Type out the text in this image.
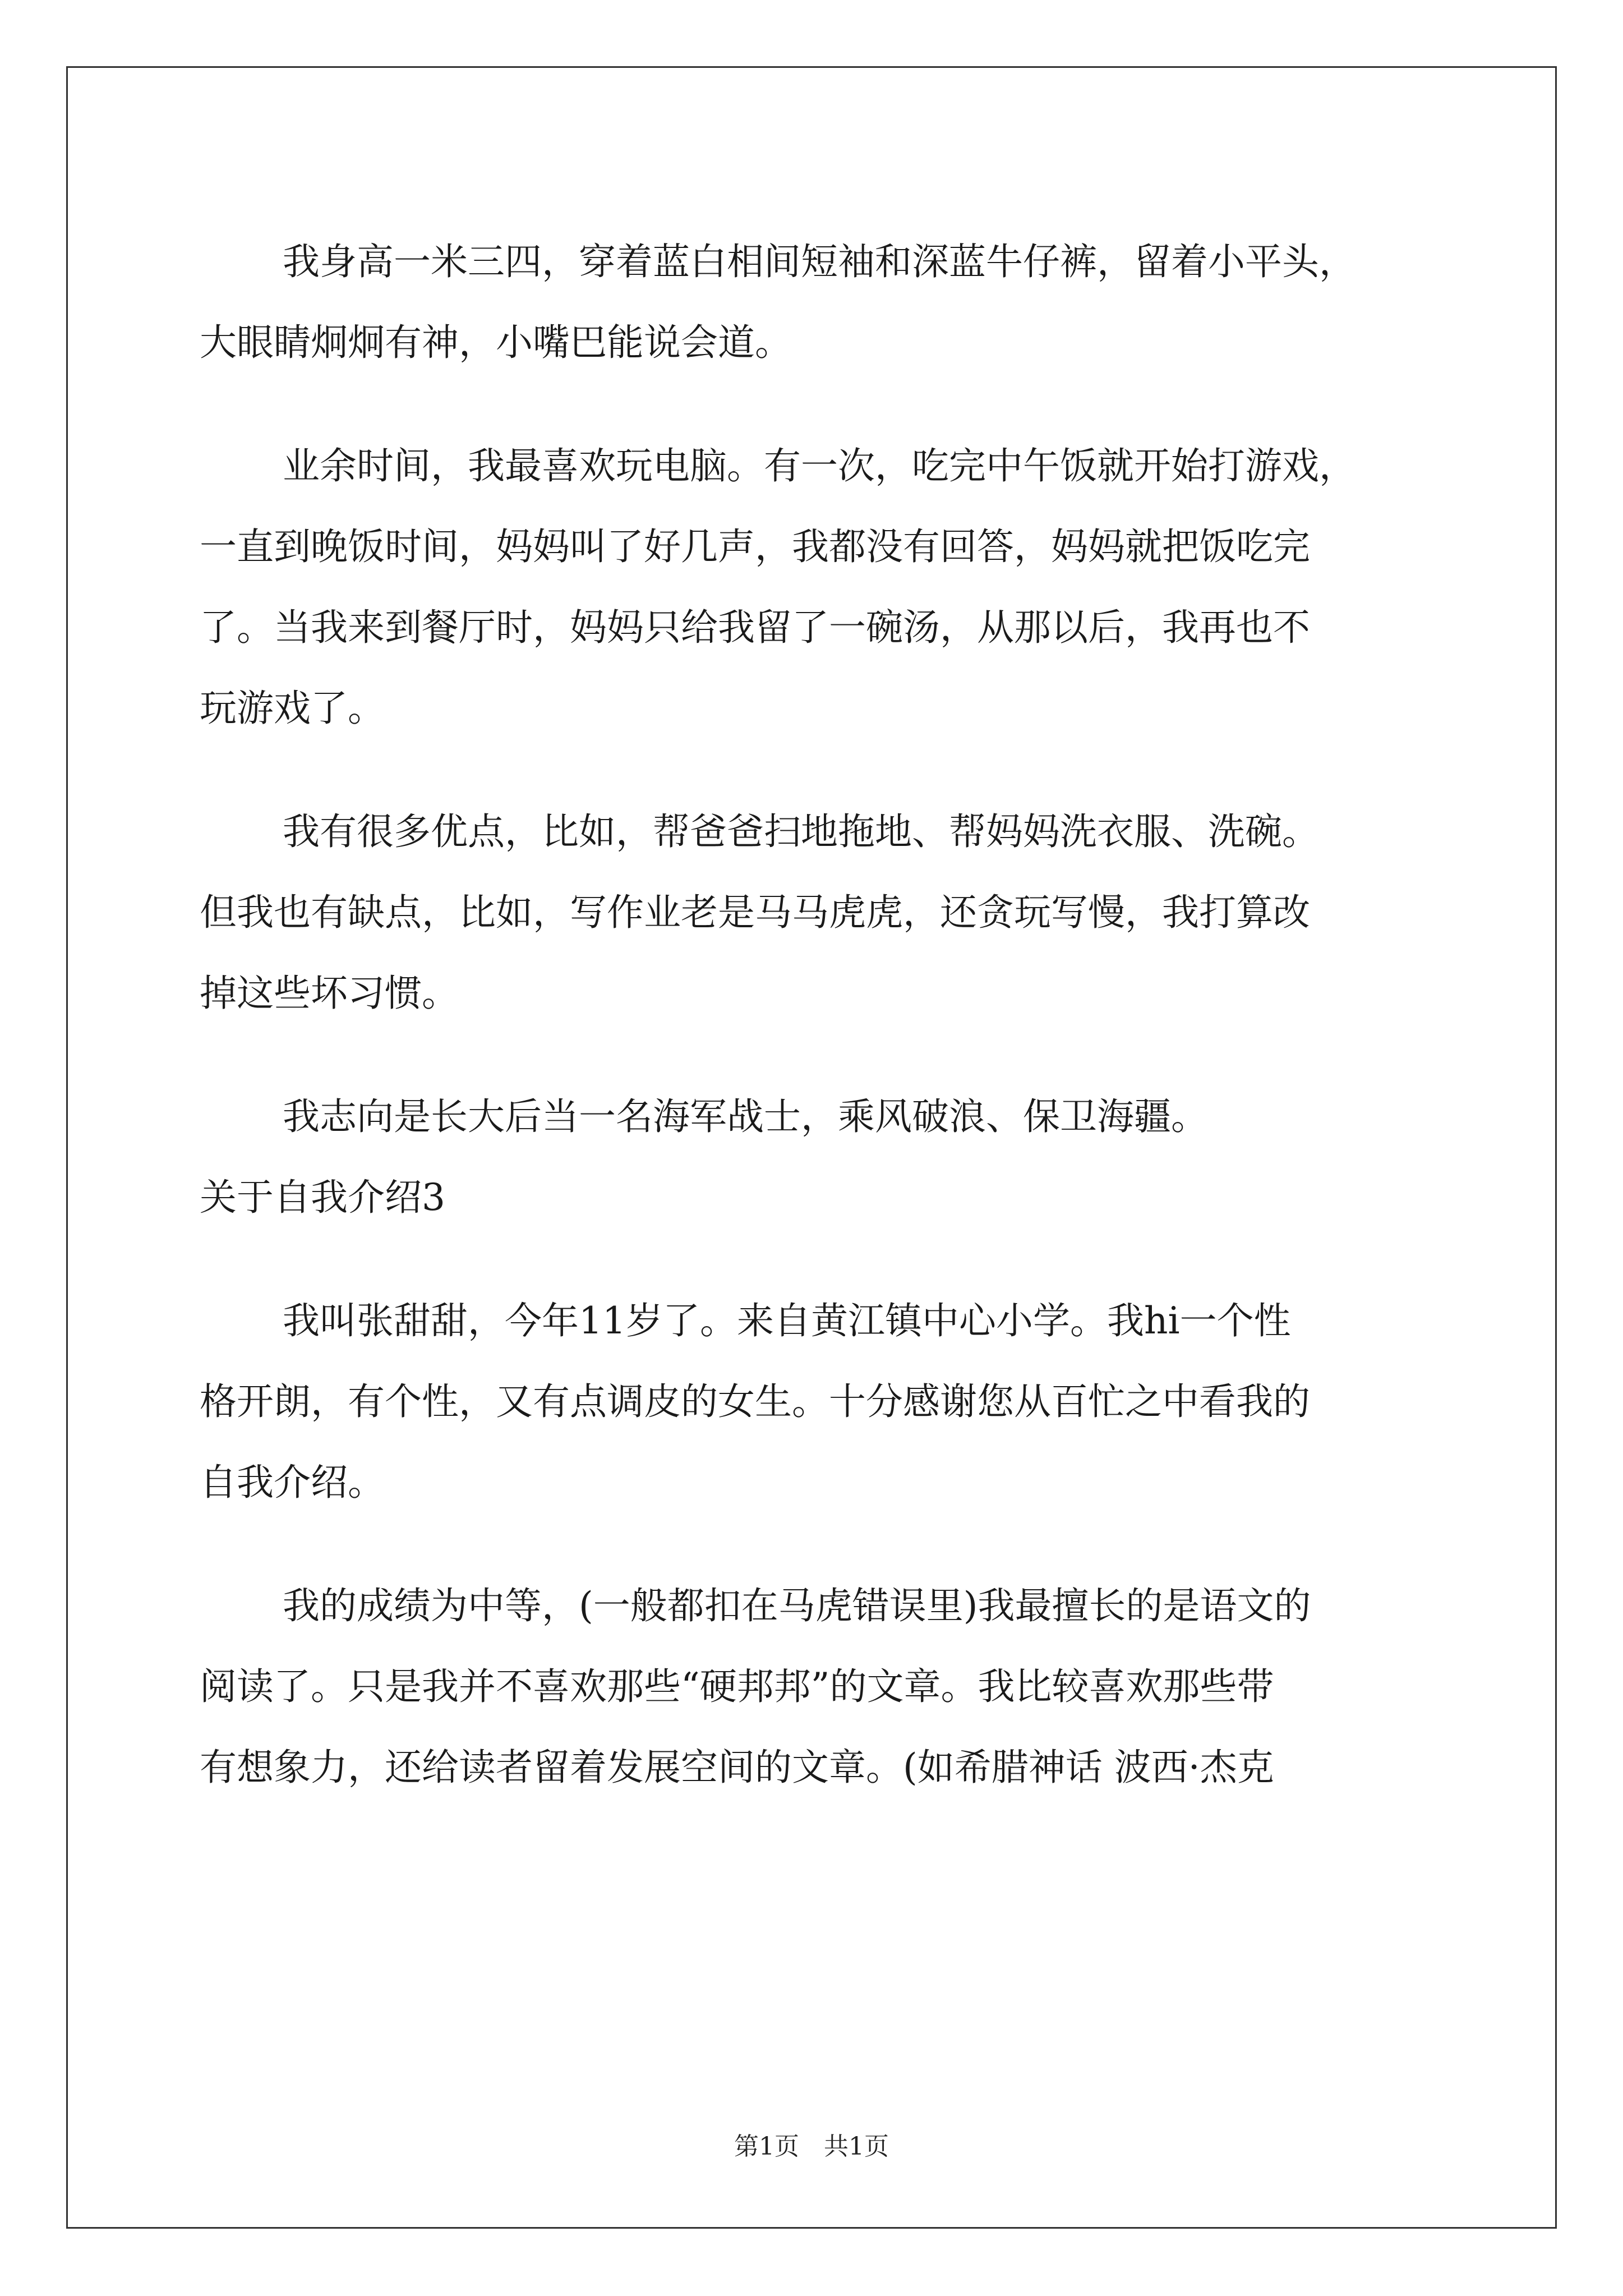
我身高一米三四，穿着蓝白相间短袖和深蓝牛仔裤，留着小平头，
大眼睛炯炯有神，小嘴巴能说会道。
业余时间，我最喜欢玩电脑。有一次，吃完中午饭就开始打游戏，
一直到晚饭时间，妈妈叫了好几声，我都没有回答，妈妈就把饭吃完
了。当我来到餐厅时，妈妈只给我留了一碗汤，从那以后，我再也不
玩游戏了。
我有很多优点，比如，帮爸爸扫地拖地、帮妈妈洗衣服、洗碗。
但我也有缺点，比如，写作业老是马马虎虎，还贪玩写慢，我打算改
掉这些坏习惯。
我志向是长大后当一名海军战士，乘风破浪、保卫海疆。
关于自我介绍3
我叫张甜甜，今年11岁了。来自黄江镇中心小学。我hi一个性
格开朗，有个性，又有点调皮的女生。十分感谢您从百忙之中看我的
自我介绍。
我的成绩为中等，(一般都扣在马虎错误里)我最擅长的是语文的
阅读了。只是我并不喜欢那些“硬邦邦”的文章。我比较喜欢那些带
有想象力，还给读者留着发展空间的文章。(如希腊神话 波西·杰克
第1页　共1页
